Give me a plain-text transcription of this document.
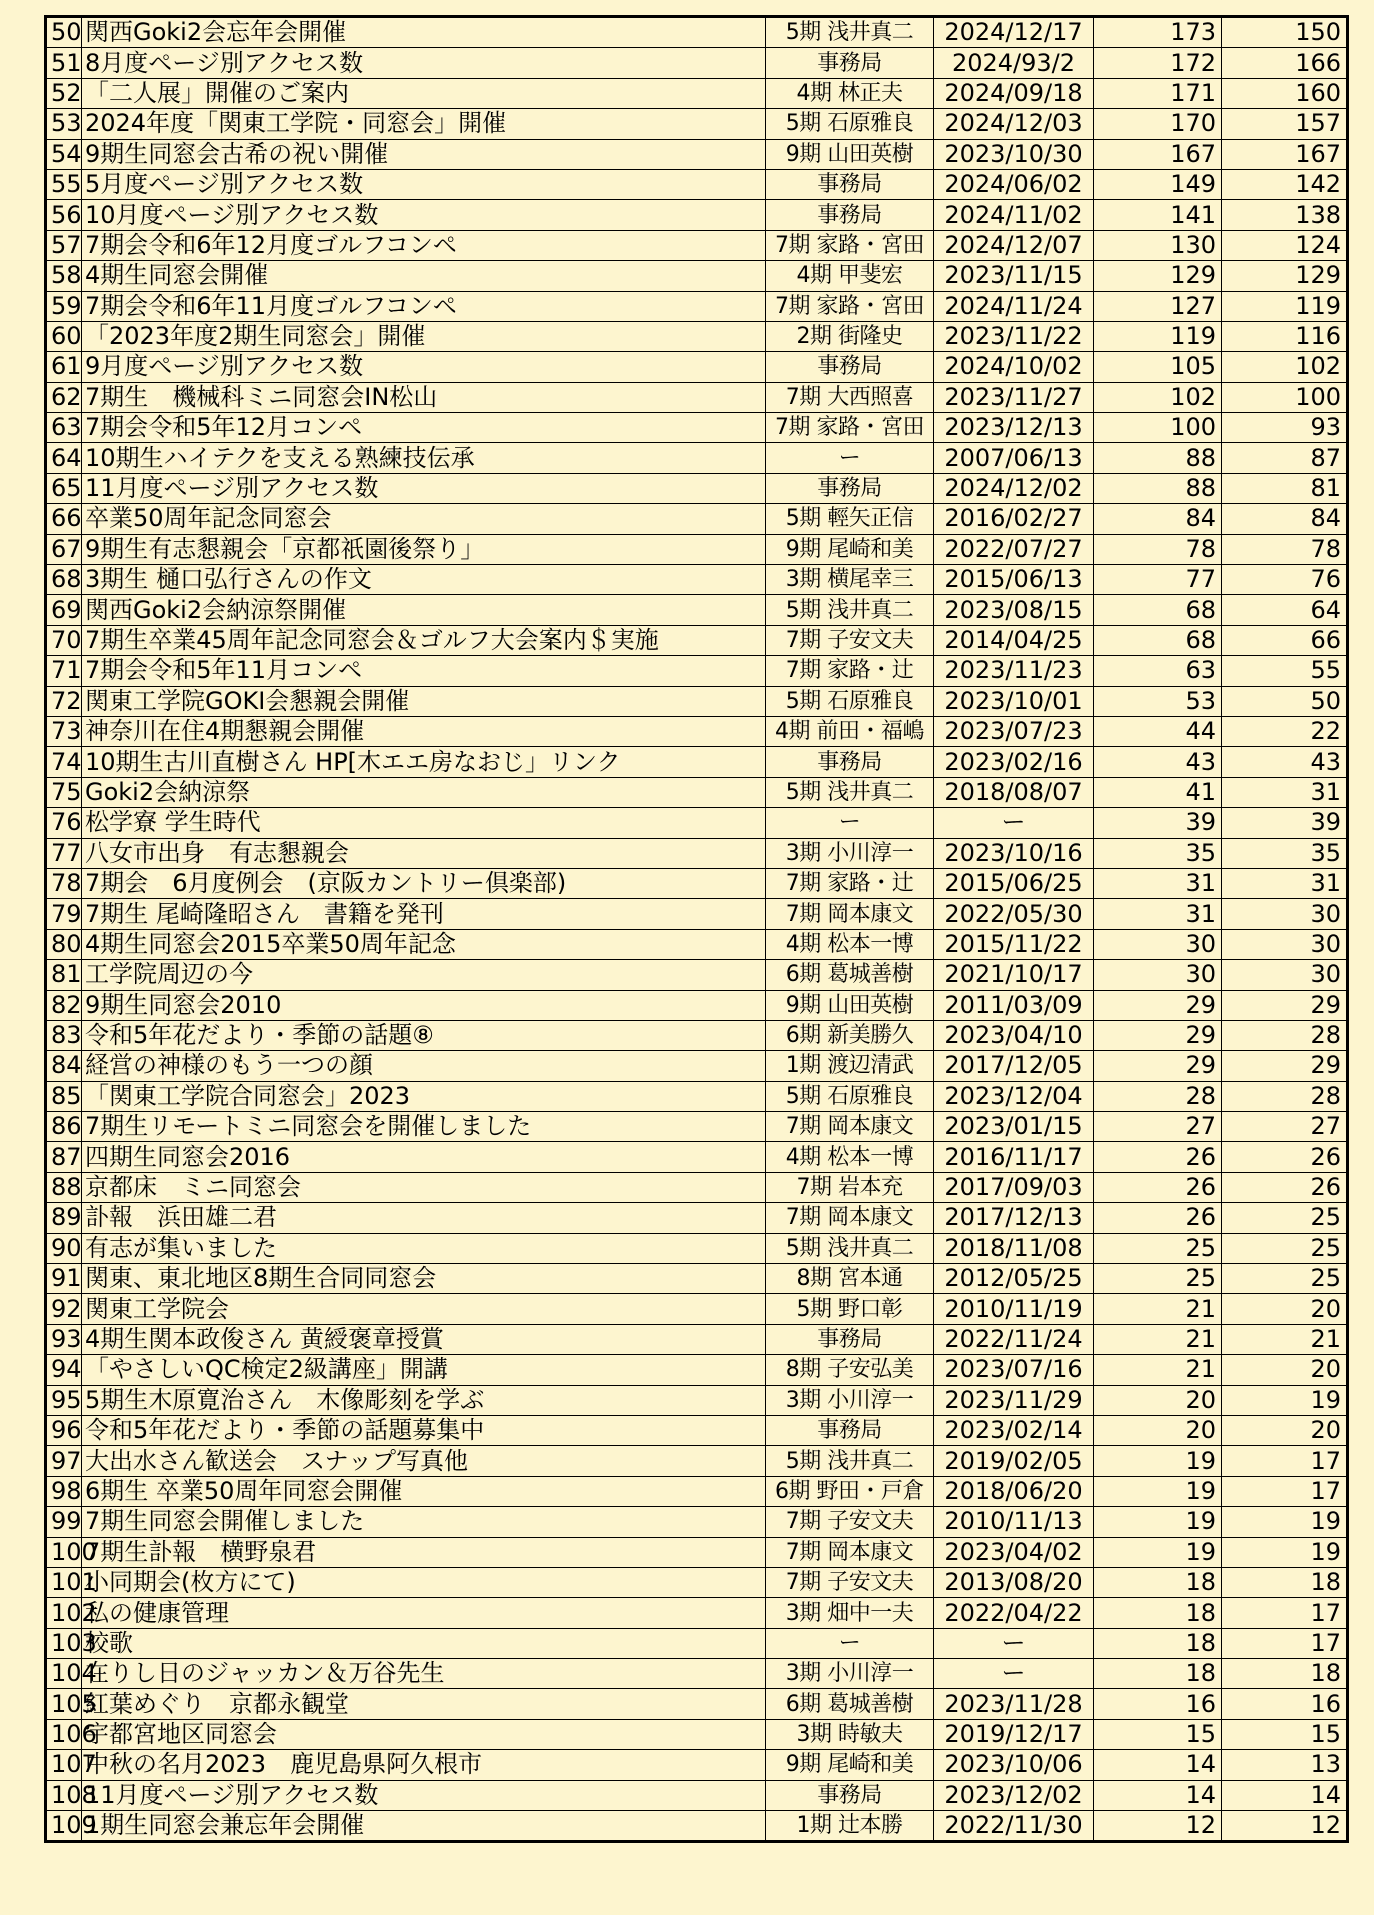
50	関西Goki2会忘年会開催	5期 浅井真二	2024/12/17	173	150
51	8月度ページ別アクセス数	事務局	2024/93/2	172	166
52	「二人展」開催のご案内	4期 林正夫	2024/09/18	171	160
53	2024年度「関東工学院・同窓会」開催	5期 石原雅良	2024/12/03	170	157
54	9期生同窓会古希の祝い開催	9期 山田英樹	2023/10/30	167	167
55	5月度ページ別アクセス数	事務局	2024/06/02	149	142
56	10月度ページ別アクセス数	事務局	2024/11/02	141	138
57	7期会令和6年12月度ゴルフコンペ	7期 家路・宮田	2024/12/07	130	124
58	4期生同窓会開催	4期 甲斐宏	2023/11/15	129	129
59	7期会令和6年11月度ゴルフコンペ	7期 家路・宮田	2024/11/24	127	119
60	「2023年度2期生同窓会」開催	2期 街隆史	2023/11/22	119	116
61	9月度ページ別アクセス数	事務局	2024/10/02	105	102
62	7期生　機械科ミニ同窓会IN松山	7期 大西照喜	2023/11/27	102	100
63	7期会令和5年12月コンペ	7期 家路・宮田	2023/12/13	100	93
64	10期生ハイテクを支える熟練技伝承	ー	2007/06/13	88	87
65	11月度ページ別アクセス数	事務局	2024/12/02	88	81
66	卒業50周年記念同窓会	5期 輕矢正信	2016/02/27	84	84
67	9期生有志懇親会「京都祇園後祭り」	9期 尾崎和美	2022/07/27	78	78
68	3期生 樋口弘行さんの作文	3期 横尾幸三	2015/06/13	77	76
69	関西Goki2会納涼祭開催	5期 浅井真二	2023/08/15	68	64
70	7期生卒業45周年記念同窓会＆ゴルフ大会案内＄実施	7期 子安文夫	2014/04/25	68	66
71	7期会令和5年11月コンペ	7期 家路・辻	2023/11/23	63	55
72	関東工学院GOKI会懇親会開催	5期 石原雅良	2023/10/01	53	50
73	神奈川在住4期懇親会開催	4期 前田・福嶋	2023/07/23	44	22
74	10期生古川直樹さん HP[木エエ房なおじ」リンク	事務局	2023/02/16	43	43
75	Goki2会納涼祭	5期 浅井真二	2018/08/07	41	31
76	松学寮 学生時代	ー	ー	39	39
77	八女市出身　有志懇親会	3期 小川淳一	2023/10/16	35	35
78	7期会　6月度例会　(京阪カントリー倶楽部)	7期 家路・辻	2015/06/25	31	31
79	7期生 尾崎隆昭さん　書籍を発刊	7期 岡本康文	2022/05/30	31	30
80	4期生同窓会2015卒業50周年記念	4期 松本一博	2015/11/22	30	30
81	工学院周辺の今	6期 葛城善樹	2021/10/17	30	30
82	9期生同窓会2010	9期 山田英樹	2011/03/09	29	29
83	令和5年花だより・季節の話題⑧	6期 新美勝久	2023/04/10	29	28
84	経営の神様のもう一つの顔	1期 渡辺清武	2017/12/05	29	29
85	「関東工学院合同窓会」2023	5期 石原雅良	2023/12/04	28	28
86	7期生リモートミニ同窓会を開催しました	7期 岡本康文	2023/01/15	27	27
87	四期生同窓会2016	4期 松本一博	2016/11/17	26	26
88	京都床　ミニ同窓会	7期 岩本充	2017/09/03	26	26
89	訃報　浜田雄二君	7期 岡本康文	2017/12/13	26	25
90	有志が集いました	5期 浅井真二	2018/11/08	25	25
91	関東、東北地区8期生合同同窓会	8期 宮本通	2012/05/25	25	25
92	関東工学院会	5期 野口彰	2010/11/19	21	20
93	4期生関本政俊さん 黄綬褒章授賞	事務局	2022/11/24	21	21
94	「やさしいQC検定2級講座」開講	8期 子安弘美	2023/07/16	21	20
95	5期生木原寛治さん　木像彫刻を学ぶ	3期 小川淳一	2023/11/29	20	19
96	令和5年花だより・季節の話題募集中	事務局	2023/02/14	20	20
97	大出水さん歓送会　スナップ写真他	5期 浅井真二	2019/02/05	19	17
98	6期生 卒業50周年同窓会開催	6期 野田・戸倉	2018/06/20	19	17
99	7期生同窓会開催しました	7期 子安文夫	2010/11/13	19	19
100	7期生訃報　横野泉君	7期 岡本康文	2023/04/02	19	19
101	小同期会(枚方にて)	7期 子安文夫	2013/08/20	18	18
102	私の健康管理	3期 畑中一夫	2022/04/22	18	17
103	校歌	ー	ー	18	17
104	在りし日のジャッカン＆万谷先生	3期 小川淳一	ー	18	18
105	紅葉めぐり　京都永観堂	6期 葛城善樹	2023/11/28	16	16
106	宇都宮地区同窓会	3期 時敏夫	2019/12/17	15	15
107	中秋の名月2023　鹿児島県阿久根市	9期 尾崎和美	2023/10/06	14	13
108	11月度ページ別アクセス数	事務局	2023/12/02	14	14
109	1期生同窓会兼忘年会開催	1期 辻本勝	2022/11/30	12	12
